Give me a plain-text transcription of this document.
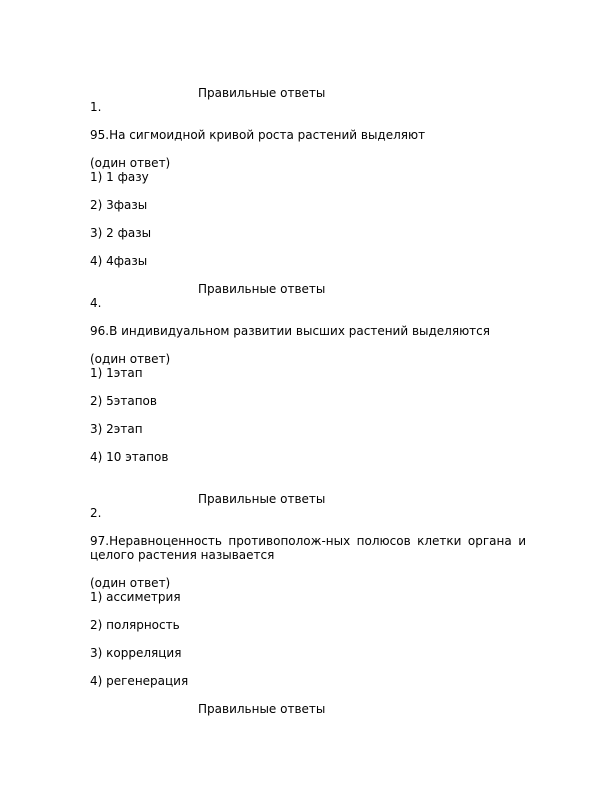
Правильные ответы
1.
95.На сигмоидной кривой роста растений выделяют
(один ответ)
1) 1 фазу
2) 3фазы
3) 2 фазы
4) 4фазы
Правильные ответы
4.
96.В индивидуальном развитии высших растений выделяются
(один ответ)
1) 1этап
2) 5этапов
3) 2этап
4) 10 этапов
Правильные ответы
2.
97.Неравноценность противополож-ных полюсов клетки органа и целого растения называется
(один ответ)
1) ассиметрия
2) полярность
3) корреляция
4) регенерация
Правильные ответы
